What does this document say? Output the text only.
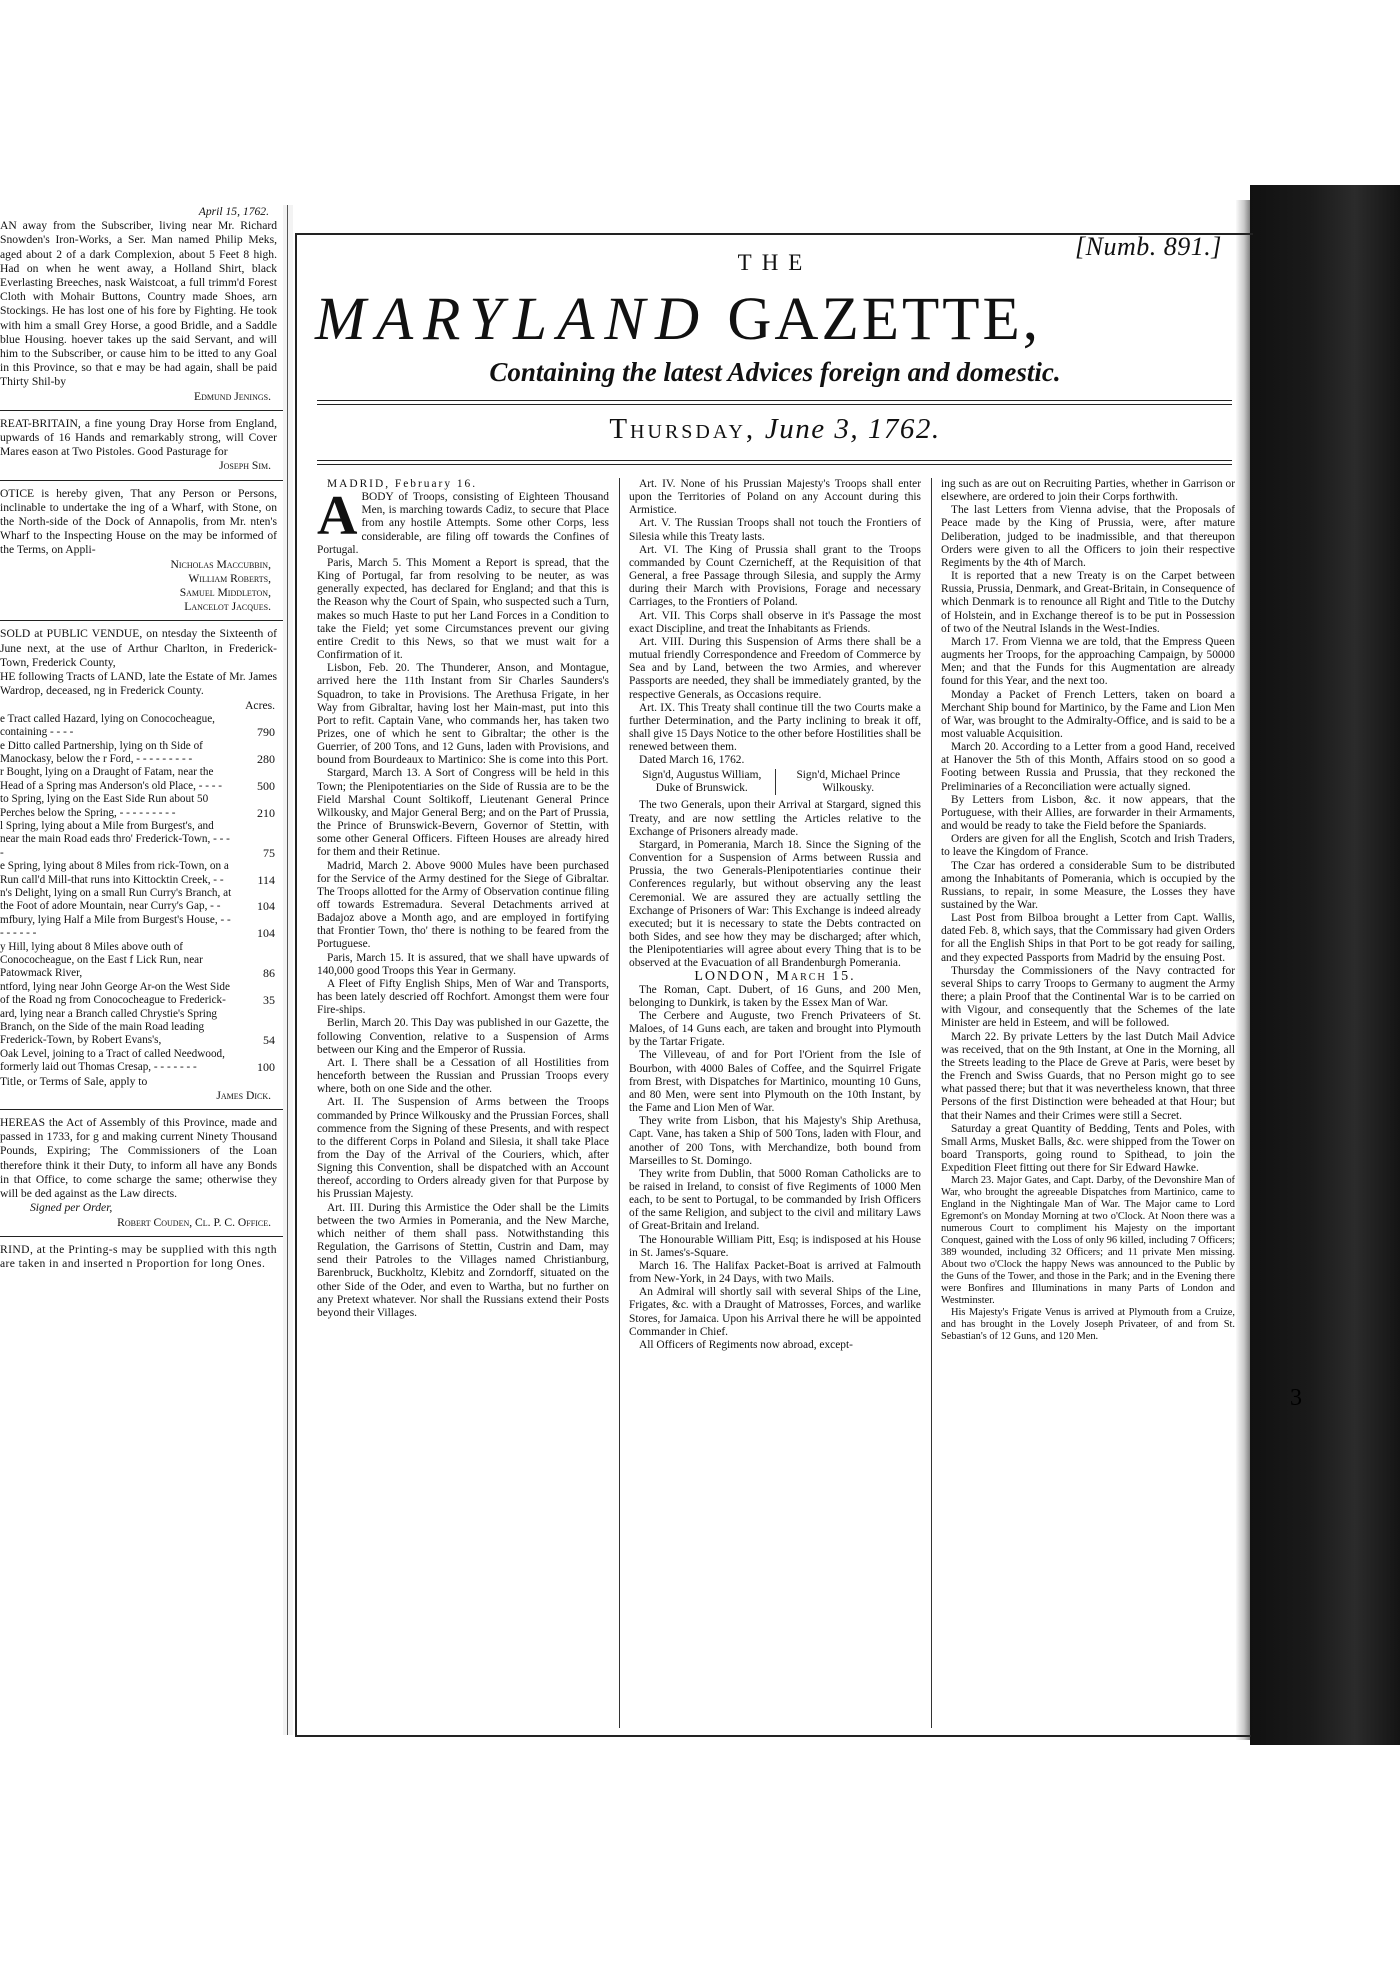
April 15, 1762.

AN away from the Subscriber, living near Mr. Richard Snowden's Iron-Works, a Ser. Man named Philip Meks, aged about 2 of a dark Complexion, about 5 Feet 8 high. Had on when he went away, a Holland Shirt, black Everlasting Breeches, nask Waistcoat, a full trimm'd Forest Cloth with Mohair Buttons, Country made Shoes, arn Stockings. He has lost one of his fore by Fighting. He took with him a small Grey Horse, a good Bridle, and a Saddle blue Housing. hoever takes up the said Servant, and will him to the Subscriber, or cause him to be itted to any Goal in this Province, so that e may be had again, shall be paid Thirty Shil-by

Edmund Jenings.

REAT-BRITAIN, a fine young Dray Horse from England, upwards of 16 Hands and remarkably strong, will Cover Mares eason at Two Pistoles. Good Pasturage for

Joseph Sim.

OTICE is hereby given, That any Person or Persons, inclinable to undertake the ing of a Wharf, with Stone, on the North-side of the Dock of Annapolis, from Mr. nten's Wharf to the Inspecting House on the may be informed of the Terms, on Appli-

Nicholas Maccubbin,

William Roberts,

Samuel Middleton,

Lancelot Jacques.

SOLD at PUBLIC VENDUE, on ntesday the Sixteenth of June next, at the use of Arthur Charlton, in Frederick-Town, Frederick County,

HE following Tracts of LAND, late the Estate of Mr. James Wardrop, deceased, ng in Frederick County.

Acres.

e Tract called Hazard, lying on Conococheague, containing - - - -	790
e Ditto called Partnership, lying on th Side of Manockasy, below the r Ford, - - - - - - - - -	280
r Bought, lying on a Draught of Fatam, near the Head of a Spring mas Anderson's old Place, - - - -	500
to Spring, lying on the East Side Run about 50 Perches below the Spring, - - - - - - - - -	210
l Spring, lying about a Mile from Burgest's, and near the main Road eads thro' Frederick-Town, - - - -	75
e Spring, lying about 8 Miles from rick-Town, on a Run call'd Mill-that runs into Kittocktin Creek, - -	114
n's Delight, lying on a small Run Curry's Branch, at the Foot of adore Mountain, near Curry's Gap, - -	104
mfbury, lying Half a Mile from Burgest's House, - - - - - - - -	104
y Hill, lying about 8 Miles above outh of Conococheague, on the East f Lick Run, near Patowmack River,	86
ntford, lying near John George Ar-on the West Side of the Road ng from Conococheague to Frederick-	35
ard, lying near a Branch called Chrystie's Spring Branch, on the Side of the main Road leading Frederick-Town, by Robert Evans's,	54
Oak Level, joining to a Tract of called Needwood, formerly laid out Thomas Cresap, - - - - - - -	100

Title, or Terms of Sale, apply to

James Dick.

HEREAS the Act of Assembly of this Province, made and passed in 1733, for g and making current Ninety Thousand Pounds, Expiring; The Commissioners of the Loan therefore think it their Duty, to inform all have any Bonds in that Office, to come scharge the same; otherwise they will be ded against as the Law directs.

Signed per Order,

Robert Couden, Cl. P. C. Office.

RIND, at the Printing-s may be supplied with this ngth are taken in and inserted n Proportion for long Ones.

3
THE
MARYLAND GAZETTE,
Containing the latest Advices foreign and domestic.
Thursday, June 3, 1762.

MADRID, February 16.

ABODY of Troops, consisting of Eighteen Thousand Men, is marching towards Cadiz, to secure that Place from any hostile Attempts. Some other Corps, less considerable, are filing off towards the Confines of Portugal.

Paris, March 5. This Moment a Report is spread, that the King of Portugal, far from resolving to be neuter, as was generally expected, has declared for England; and that this is the Reason why the Court of Spain, who suspected such a Turn, makes so much Haste to put her Land Forces in a Condition to take the Field; yet some Circumstances prevent our giving entire Credit to this News, so that we must wait for a Confirmation of it.

Lisbon, Feb. 20. The Thunderer, Anson, and Montague, arrived here the 11th Instant from Sir Charles Saunders's Squadron, to take in Provisions. The Arethusa Frigate, in her Way from Gibraltar, having lost her Main-mast, put into this Port to refit. Captain Vane, who commands her, has taken two Prizes, one of which he sent to Gibraltar; the other is the Guerrier, of 200 Tons, and 12 Guns, laden with Provisions, and bound from Bourdeaux to Martinico: She is come into this Port.

Stargard, March 13. A Sort of Congress will be held in this Town; the Plenipotentiaries on the Side of Russia are to be the Field Marshal Count Soltikoff, Lieutenant General Prince Wilkousky, and Major General Berg; and on the Part of Prussia, the Prince of Brunswick-Bevern, Governor of Stettin, with some other General Officers. Fifteen Houses are already hired for them and their Retinue.

Madrid, March 2. Above 9000 Mules have been purchased for the Service of the Army destined for the Siege of Gibraltar. The Troops allotted for the Army of Observation continue filing off towards Estremadura. Several Detachments arrived at Badajoz above a Month ago, and are employed in fortifying that Frontier Town, tho' there is nothing to be feared from the Portuguese.

Paris, March 15. It is assured, that we shall have upwards of 140,000 good Troops this Year in Germany.

A Fleet of Fifty English Ships, Men of War and Transports, has been lately descried off Rochfort. Amongst them were four Fire-ships.

Berlin, March 20. This Day was published in our Gazette, the following Convention, relative to a Suspension of Arms between our King and the Emperor of Russia.

Art. I. There shall be a Cessation of all Hostilities from henceforth between the Russian and Prussian Troops every where, both on one Side and the other.

Art. II. The Suspension of Arms between the Troops commanded by Prince Wilkousky and the Prussian Forces, shall commence from the Signing of these Presents, and with respect to the different Corps in Poland and Silesia, it shall take Place from the Day of the Arrival of the Couriers, which, after Signing this Convention, shall be dispatched with an Account thereof, according to Orders already given for that Purpose by his Prussian Majesty.

Art. III. During this Armistice the Oder shall be the Limits between the two Armies in Pomerania, and the New Marche, which neither of them shall pass. Notwithstanding this Regulation, the Garrisons of Stettin, Custrin and Dam, may send their Patroles to the Villages named Christianburg, Barenbruck, Buckholtz, Klebitz and Zorndorff, situated on the other Side of the Oder, and even to Wartha, but no further on any Pretext whatever. Nor shall the Russians extend their Posts beyond their Villages.

Art. IV. None of his Prussian Majesty's Troops shall enter upon the Territories of Poland on any Account during this Armistice.

Art. V. The Russian Troops shall not touch the Frontiers of Silesia while this Treaty lasts.

Art. VI. The King of Prussia shall grant to the Troops commanded by Count Czernicheff, at the Requisition of that General, a free Passage through Silesia, and supply the Army during their March with Provisions, Forage and necessary Carriages, to the Frontiers of Poland.

Art. VII. This Corps shall observe in it's Passage the most exact Discipline, and treat the Inhabitants as Friends.

Art. VIII. During this Suspension of Arms there shall be a mutual friendly Correspondence and Freedom of Commerce by Sea and by Land, between the two Armies, and wherever Passports are needed, they shall be immediately granted, by the respective Generals, as Occasions require.

Art. IX. This Treaty shall continue till the two Courts make a further Determination, and the Party inclining to break it off, shall give 15 Days Notice to the other before Hostilities shall be renewed between them.

Dated March 16, 1762.

Sign'd, Augustus William, Duke of Brunswick.
Sign'd, Michael Prince Wilkousky.

The two Generals, upon their Arrival at Stargard, signed this Treaty, and are now settling the Articles relative to the Exchange of Prisoners already made.

Stargard, in Pomerania, March 18. Since the Signing of the Convention for a Suspension of Arms between Russia and Prussia, the two Generals-Plenipotentiaries continue their Conferences regularly, but without observing any the least Ceremonial. We are assured they are actually settling the Exchange of Prisoners of War: This Exchange is indeed already executed; but it is necessary to state the Debts contracted on both Sides, and see how they may be discharged; after which, the Plenipotentiaries will agree about every Thing that is to be observed at the Evacuation of all Brandenburgh Pomerania.

LONDON, March 15.

The Roman, Capt. Dubert, of 16 Guns, and 200 Men, belonging to Dunkirk, is taken by the Essex Man of War.

The Cerbere and Auguste, two French Privateers of St. Maloes, of 14 Guns each, are taken and brought into Plymouth by the Tartar Frigate.

The Villeveau, of and for Port l'Orient from the Isle of Bourbon, with 4000 Bales of Coffee, and the Squirrel Frigate from Brest, with Dispatches for Martinico, mounting 10 Guns, and 80 Men, were sent into Plymouth on the 10th Instant, by the Fame and Lion Men of War.

They write from Lisbon, that his Majesty's Ship Arethusa, Capt. Vane, has taken a Ship of 500 Tons, laden with Flour, and another of 200 Tons, with Merchandize, both bound from Marseilles to St. Domingo.

They write from Dublin, that 5000 Roman Catholicks are to be raised in Ireland, to consist of five Regiments of 1000 Men each, to be sent to Portugal, to be commanded by Irish Officers of the same Religion, and subject to the civil and military Laws of Great-Britain and Ireland.

The Honourable William Pitt, Esq; is indisposed at his House in St. James's-Square.

March 16. The Halifax Packet-Boat is arrived at Falmouth from New-York, in 24 Days, with two Mails.

An Admiral will shortly sail with several Ships of the Line, Frigates, &c. with a Draught of Matrosses, Forces, and warlike Stores, for Jamaica. Upon his Arrival there he will be appointed Commander in Chief.

All Officers of Regiments now abroad, except-

ing such as are out on Recruiting Parties, whether in Garrison or elsewhere, are ordered to join their Corps forthwith.

The last Letters from Vienna advise, that the Proposals of Peace made by the King of Prussia, were, after mature Deliberation, judged to be inadmissible, and that thereupon Orders were given to all the Officers to join their respective Regiments by the 4th of March.

It is reported that a new Treaty is on the Carpet between Russia, Prussia, Denmark, and Great-Britain, in Consequence of which Denmark is to renounce all Right and Title to the Dutchy of Holstein, and in Exchange thereof is to be put in Possession of two of the Neutral Islands in the West-Indies.

March 17. From Vienna we are told, that the Empress Queen augments her Troops, for the approaching Campaign, by 50000 Men; and that the Funds for this Augmentation are already found for this Year, and the next too.

Monday a Packet of French Letters, taken on board a Merchant Ship bound for Martinico, by the Fame and Lion Men of War, was brought to the Admiralty-Office, and is said to be a most valuable Acquisition.

March 20. According to a Letter from a good Hand, received at Hanover the 5th of this Month, Affairs stood on so good a Footing between Russia and Prussia, that they reckoned the Preliminaries of a Reconciliation were actually signed.

By Letters from Lisbon, &c. it now appears, that the Portuguese, with their Allies, are forwarder in their Armaments, and would be ready to take the Field before the Spaniards.

Orders are given for all the English, Scotch and Irish Traders, to leave the Kingdom of France.

The Czar has ordered a considerable Sum to be distributed among the Inhabitants of Pomerania, which is occupied by the Russians, to repair, in some Measure, the Losses they have sustained by the War.

Last Post from Bilboa brought a Letter from Capt. Wallis, dated Feb. 8, which says, that the Commissary had given Orders for all the English Ships in that Port to be got ready for sailing, and they expected Passports from Madrid by the ensuing Post.

Thursday the Commissioners of the Navy contracted for several Ships to carry Troops to Germany to augment the Army there; a plain Proof that the Continental War is to be carried on with Vigour, and consequently that the Schemes of the late Minister are held in Esteem, and will be followed.

March 22. By private Letters by the last Dutch Mail Advice was received, that on the 9th Instant, at One in the Morning, all the Streets leading to the Place de Greve at Paris, were beset by the French and Swiss Guards, that no Person might go to see what passed there; but that it was nevertheless known, that three Persons of the first Distinction were beheaded at that Hour; but that their Names and their Crimes were still a Secret.

Saturday a great Quantity of Bedding, Tents and Poles, with Small Arms, Musket Balls, &c. were shipped from the Tower on board Transports, going round to Spithead, to join the Expedition Fleet fitting out there for Sir Edward Hawke.

March 23. Major Gates, and Capt. Darby, of the Devonshire Man of War, who brought the agreeable Dispatches from Martinico, came to England in the Nightingale Man of War. The Major came to Lord Egremont's on Monday Morning at two o'Clock. At Noon there was a numerous Court to compliment his Majesty on the important Conquest, gained with the Loss of only 96 killed, including 7 Officers; 389 wounded, including 32 Officers; and 11 private Men missing. About two o'Clock the happy News was announced to the Public by the Guns of the Tower, and those in the Park; and in the Evening there were Bonfires and Illuminations in many Parts of London and Westminster.

His Majesty's Frigate Venus is arrived at Plymouth from a Cruize, and has brought in the Lovely Joseph Privateer, of and from St. Sebastian's of 12 Guns, and 120 Men.

[Numb. 891.]
